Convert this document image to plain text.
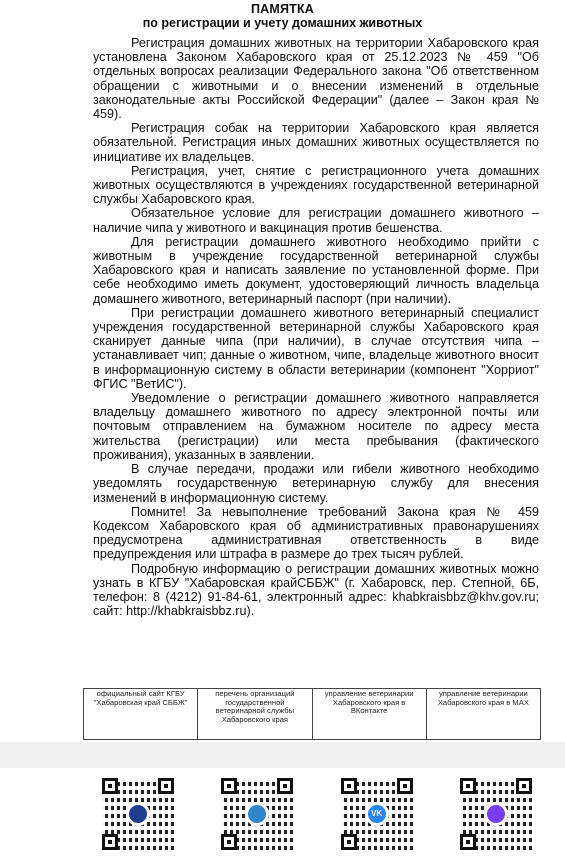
ПАМЯТКА
по регистрации и учету домашних животных

Регистрация домашних животных на территории Хабаровского края установлена Законом Хабаровского края от 25.12.2023 № 459 "Об отдельных вопросах реализации Федерального закона "Об ответственном обращении с животными и о внесении изменений в отдельные законодательные акты Российской Федерации" (далее – Закон края № 459).

Регистрация собак на территории Хабаровского края является обязательной. Регистрация иных домашних животных осуществляется по инициативе их владельцев.

Регистрация, учет, снятие с регистрационного учета домашних животных осуществляются в учреждениях государственной ветеринарной службы Хабаровского края.

Обязательное условие для регистрации домашнего животного – наличие чипа у животного и вакцинация против бешенства.

Для регистрации домашнего животного необходимо прийти с животным в учреждение государственной ветеринарной службы Хабаровского края и написать заявление по установленной форме. При себе необходимо иметь документ, удостоверяющий личность владельца домашнего животного, ветеринарный паспорт (при наличии).

При регистрации домашнего животного ветеринарный специалист учреждения государственной ветеринарной службы Хабаровского края сканирует данные чипа (при наличии), в случае отсутствия чипа – устанавливает чип; данные о животном, чипе, владельце животного вносит в информационную систему в области ветеринарии (компонент "Хорриот" ФГИС "ВетИС").

Уведомление о регистрации домашнего животного направляется владельцу домашнего животного по адресу электронной почты или почтовым отправлением на бумажном носителе по адресу места жительства (регистрации) или места пребывания (фактического проживания), указанных в заявлении.

В случае передачи, продажи или гибели животного необходимо уведомлять государственную ветеринарную службу для внесения изменений в информационную систему.

Помните! За невыполнение требований Закона края № 459 Кодексом Хабаровского края об административных правонарушениях предусмотрена административная ответственность в виде предупреждения или штрафа в размере до трех тысяч рублей.

Подробную информацию о регистрации домашних животных можно узнать в КГБУ "Хабаровская крайСББЖ" (г. Хабаровск, пер. Степной, 6Б, телефон: 8 (4212) 91-84-61, электронный адрес: khabkraisbbz@khv.gov.ru; сайт: http://khabkraisbbz.ru).

официальный сайт КГБУ "Хабаровская край СББЖ"	перечень организаций государственной ветеринарной службы Хабаровского края	управление ветеринарии Хабаровского края в ВКонтакте	управление ветеринарии Хабаровского края в MAX
VK
